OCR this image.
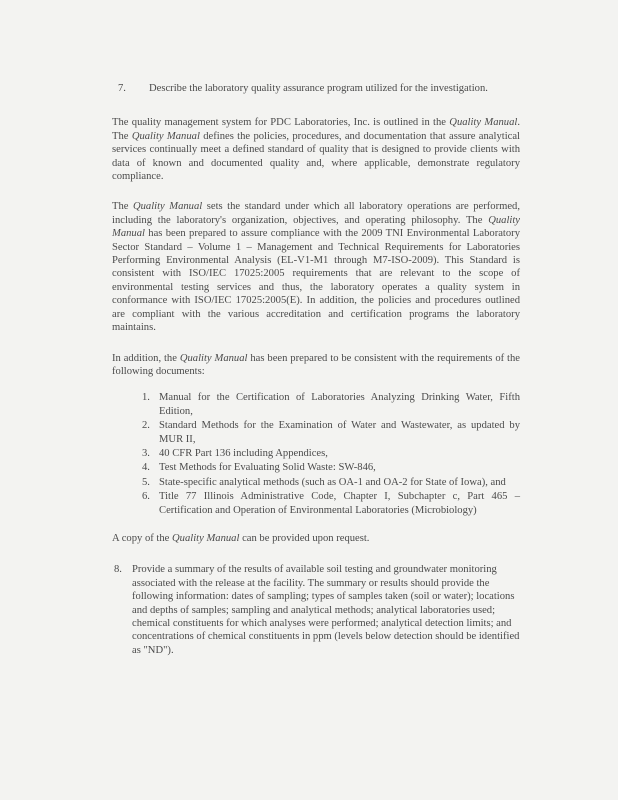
7.	Describe the laboratory quality assurance program utilized for the investigation.

The quality management system for PDC Laboratories, Inc. is outlined in the Quality Manual. The Quality Manual defines the policies, procedures, and documentation that assure analytical services continually meet a defined standard of quality that is designed to provide clients with data of known and documented quality and, where applicable, demonstrate regulatory compliance.

The Quality Manual sets the standard under which all laboratory operations are performed, including the laboratory's organization, objectives, and operating philosophy. The Quality Manual has been prepared to assure compliance with the 2009 TNI Environmental Laboratory Sector Standard – Volume 1 – Management and Technical Requirements for Laboratories Performing Environmental Analysis (EL-V1-M1 through M7-ISO-2009). This Standard is consistent with ISO/IEC 17025:2005 requirements that are relevant to the scope of environmental testing services and thus, the laboratory operates a quality system in conformance with ISO/IEC 17025:2005(E). In addition, the policies and procedures outlined are compliant with the various accreditation and certification programs the laboratory maintains.

In addition, the Quality Manual has been prepared to be consistent with the requirements of the following documents:

1. Manual for the Certification of Laboratories Analyzing Drinking Water, Fifth Edition,
2. Standard Methods for the Examination of Water and Wastewater, as updated by MUR II,
3. 40 CFR Part 136 including Appendices,
4. Test Methods for Evaluating Solid Waste: SW-846,
5. State-specific analytical methods (such as OA-1 and OA-2 for State of Iowa), and
6. Title 77 Illinois Administrative Code, Chapter I, Subchapter c, Part 465 – Certification and Operation of Environmental Laboratories (Microbiology)

A copy of the Quality Manual can be provided upon request.

8. Provide a summary of the results of available soil testing and groundwater monitoring associated with the release at the facility. The summary or results should provide the following information: dates of sampling; types of samples taken (soil or water); locations and depths of samples; sampling and analytical methods; analytical laboratories used; chemical constituents for which analyses were performed; analytical detection limits; and concentrations of chemical constituents in ppm (levels below detection should be identified as "ND").
